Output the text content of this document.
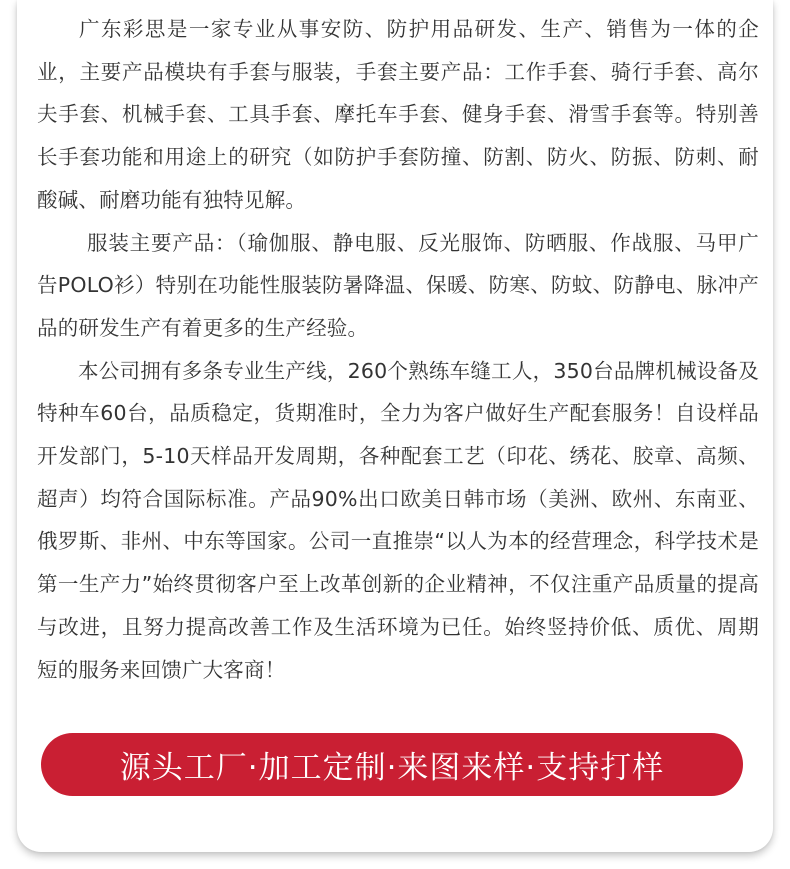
广东彩思是一家专业从事安防、防护用品研发、生产、销售为一体的企业，主要产品模块有手套与服装，手套主要产品：工作手套、骑行手套、高尔夫手套、机械手套、工具手套、摩托车手套、健身手套、滑雪手套等。特别善长手套功能和用途上的研究（如防护手套防撞、防割、防火、防振、防刺、耐酸碱、耐磨功能有独特见解。

服装主要产品：（瑜伽服、静电服、反光服饰、防晒服、作战服、马甲广告POLO衫）特别在功能性服装防暑降温、保暖、防寒、防蚊、防静电、脉冲产品的研发生产有着更多的生产经验。

本公司拥有多条专业生产线，260个熟练车缝工人，350台品牌机械设备及特种车60台，品质稳定，货期准时，全力为客户做好生产配套服务！自设样品开发部门，5-10天样品开发周期，各种配套工艺（印花、绣花、胶章、高频、超声）均符合国际标准。产品90%出口欧美日韩市场（美洲、欧州、东南亚、俄罗斯、非州、中东等国家。公司一直推崇“以人为本的经营理念，科学技术是第一生产力”始终贯彻客户至上改革创新的企业精神，不仅注重产品质量的提高与改进，且努力提高改善工作及生活环境为已任。始终竖持价低、质优、周期短的服务来回馈广大客商！

源头工厂·加工定制·来图来样·支持打样
